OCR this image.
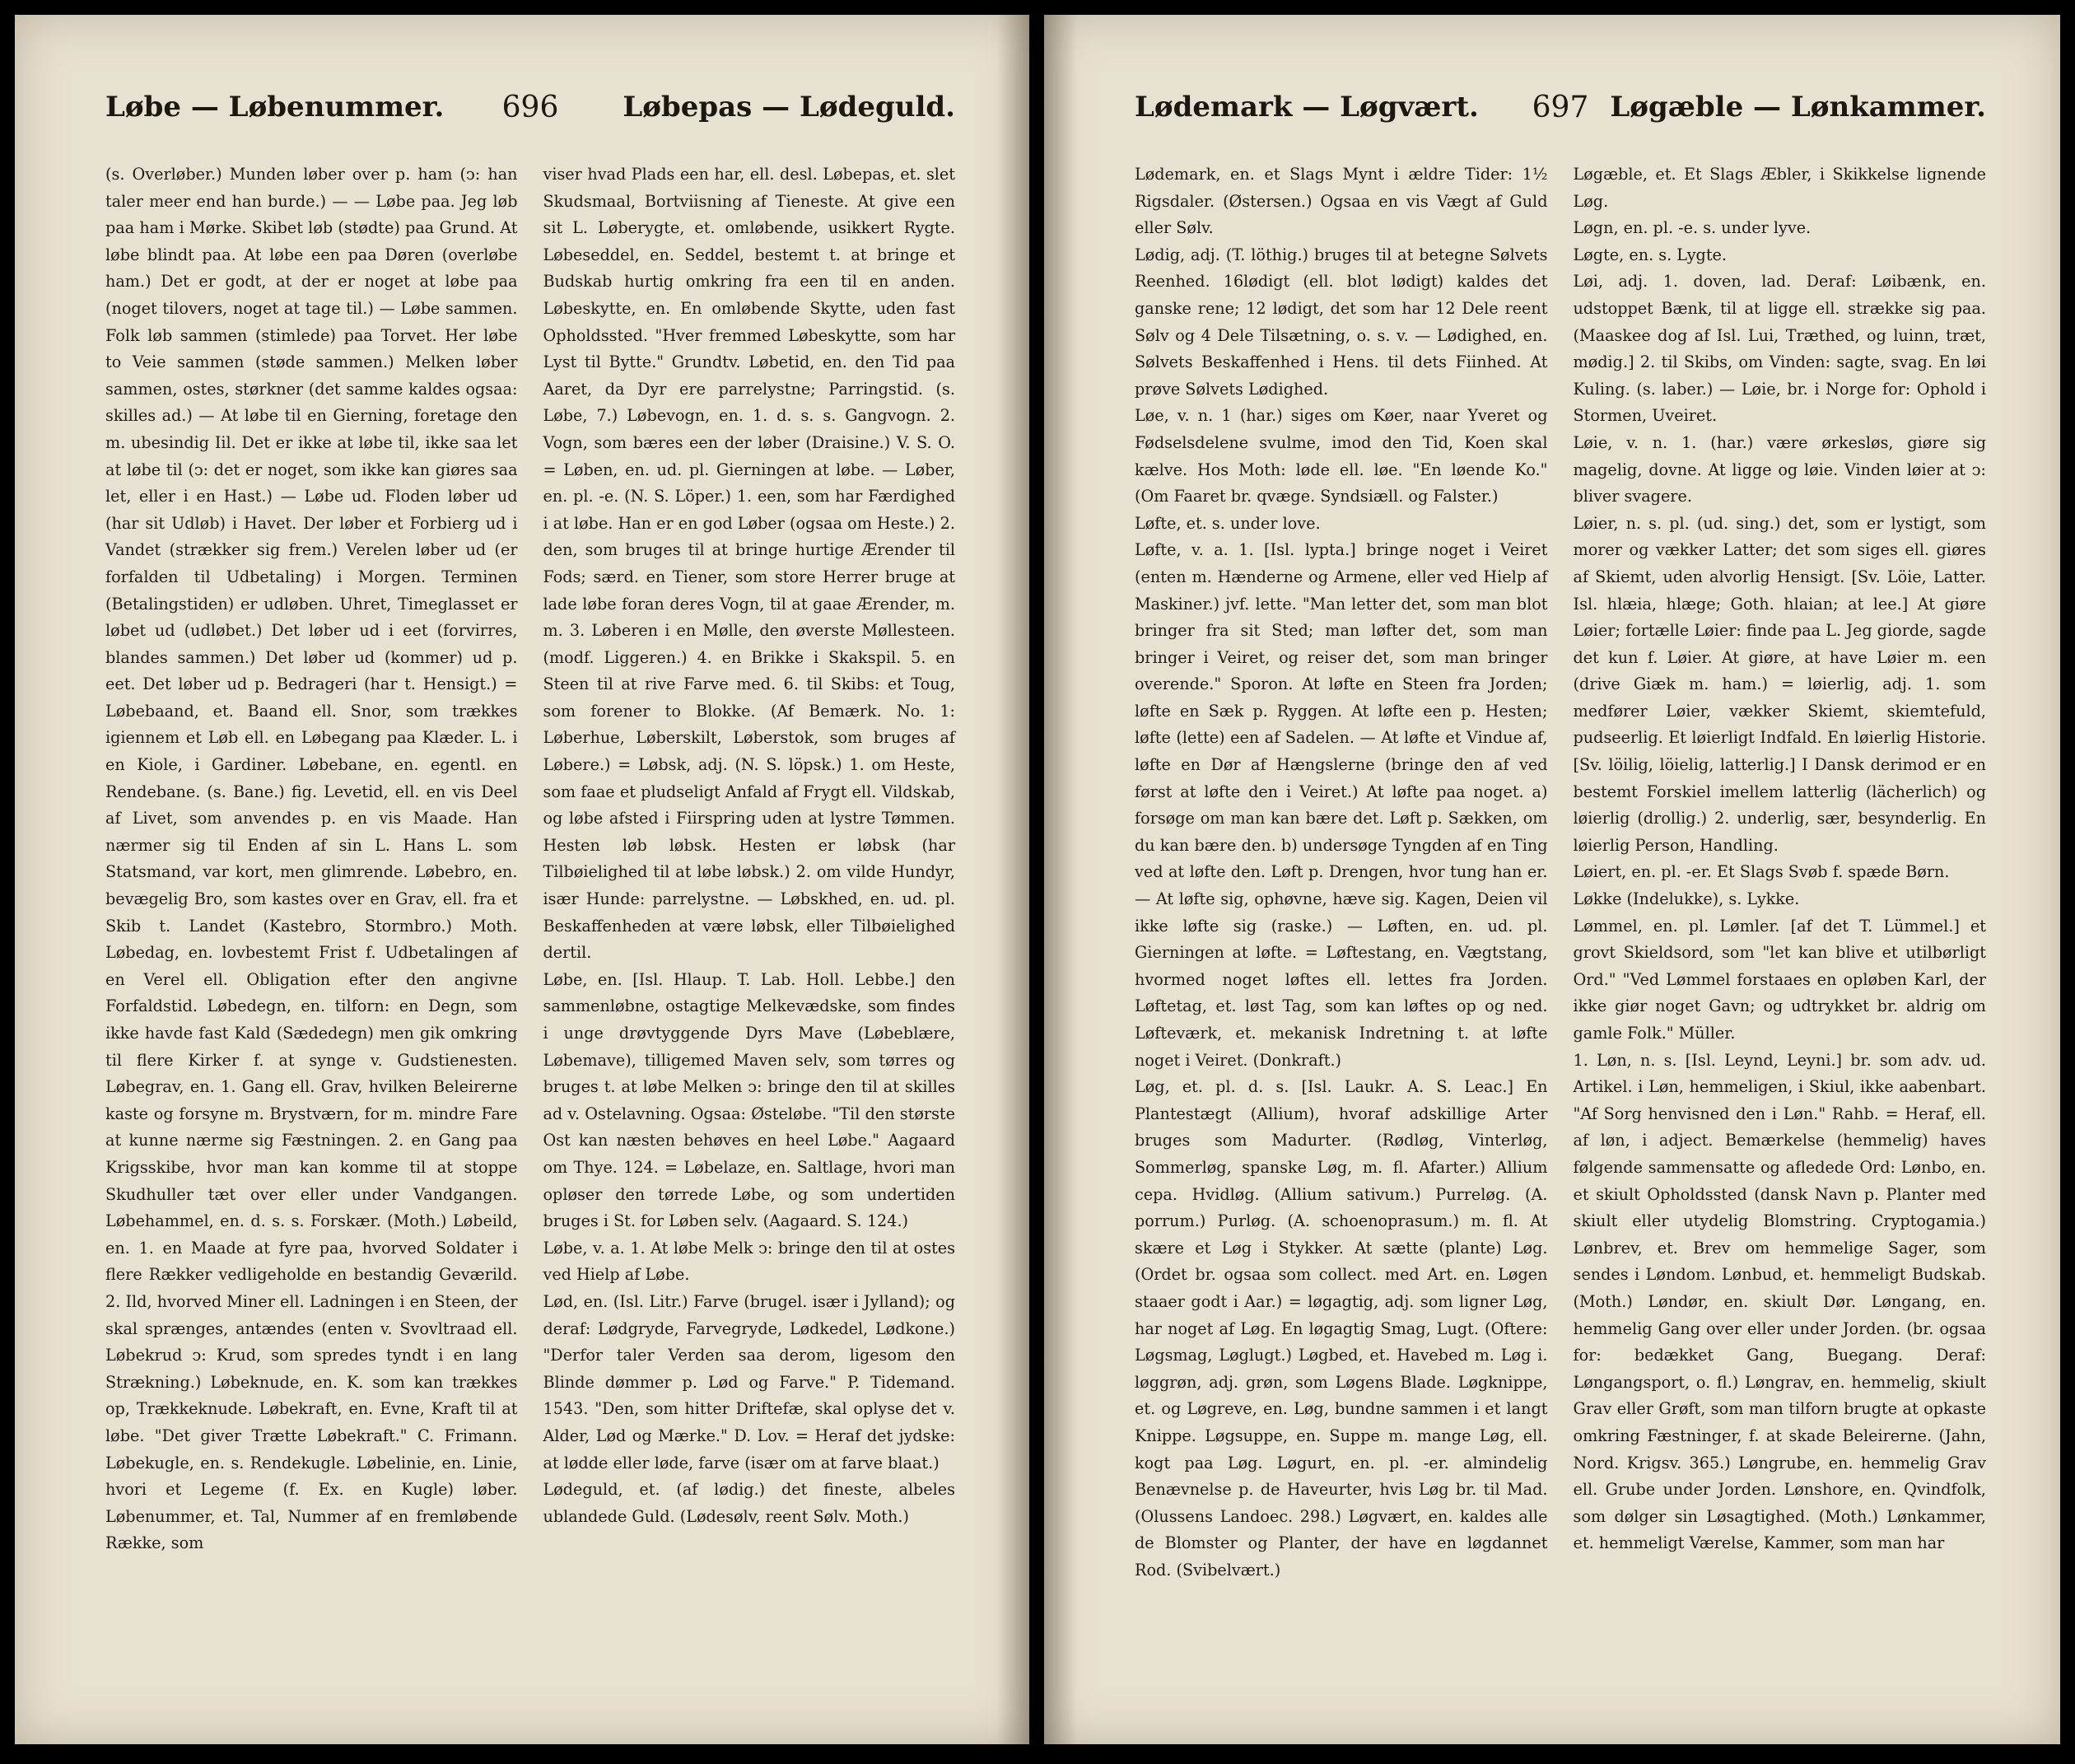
Løbe — Løbenummer.	696	Løbepas — Lødeguld.

(s. Overløber.) Munden løber over p. ham (ↄ: han taler meer end han burde.) — — Løbe paa. Jeg løb paa ham i Mørke. Skibet løb (stødte) paa Grund. At løbe blindt paa. At løbe een paa Døren (overløbe ham.) Det er godt, at der er noget at løbe paa (noget tilovers, noget at tage til.) — Løbe sammen. Folk løb sammen (stimlede) paa Torvet. Her løbe to Veie sammen (støde sammen.) Melken løber sammen, ostes, størkner (det samme kaldes ogsaa: skilles ad.) — At løbe til en Gierning, foretage den m. ubesindig Iil. Det er ikke at løbe til, ikke saa let at løbe til (ↄ: det er noget, som ikke kan giøres saa let, eller i en Hast.) — Løbe ud. Floden løber ud (har sit Udløb) i Havet. Der løber et Forbierg ud i Vandet (strækker sig frem.) Verelen løber ud (er forfalden til Udbetaling) i Morgen. Terminen (Betalingstiden) er udløben. Uhret, Timeglasset er løbet ud (udløbet.) Det løber ud i eet (forvirres, blandes sammen.) Det løber ud (kommer) ud p. eet. Det løber ud p. Bedrageri (har t. Hensigt.) = Løbebaand, et. Baand ell. Snor, som trækkes igiennem et Løb ell. en Løbegang paa Klæder. L. i en Kiole, i Gardiner. Løbebane, en. egentl. en Rendebane. (s. Bane.) fig. Levetid, ell. en vis Deel af Livet, som anvendes p. en vis Maade. Han nærmer sig til Enden af sin L. Hans L. som Statsmand, var kort, men glimrende. Løbebro, en. bevægelig Bro, som kastes over en Grav, ell. fra et Skib t. Landet (Kastebro, Stormbro.) Moth. Løbedag, en. lovbestemt Frist f. Udbetalingen af en Verel ell. Obligation efter den angivne Forfaldstid. Løbedegn, en. tilforn: en Degn, som ikke havde fast Kald (Sædedegn) men gik omkring til flere Kirker f. at synge v. Gudstienesten. Løbegrav, en. 1. Gang ell. Grav, hvilken Beleirerne kaste og forsyne m. Brystværn, for m. mindre Fare at kunne nærme sig Fæstningen. 2. en Gang paa Krigsskibe, hvor man kan komme til at stoppe Skudhuller tæt over eller under Vandgangen. Løbehammel, en. d. s. s. Forskær. (Moth.) Løbeild, en. 1. en Maade at fyre paa, hvorved Soldater i flere Rækker vedligeholde en bestandig Geværild. 2. Ild, hvorved Miner ell. Ladningen i en Steen, der skal sprænges, antændes (enten v. Svovltraad ell. Løbekrud ↄ: Krud, som spredes tyndt i en lang Strækning.) Løbeknude, en. K. som kan trækkes op, Trækkeknude. Løbekraft, en. Evne, Kraft til at løbe. "Det giver Trætte Løbekraft." C. Frimann. Løbekugle, en. s. Rendekugle. Løbelinie, en. Linie, hvori et Legeme (f. Ex. en Kugle) løber. Løbenummer, et. Tal, Nummer af en fremløbende Række, som

viser hvad Plads een har, ell. desl. Løbepas, et. slet Skudsmaal, Bortviisning af Tieneste. At give een sit L. Løberygte, et. omløbende, usikkert Rygte. Løbeseddel, en. Seddel, bestemt t. at bringe et Budskab hurtig omkring fra een til en anden. Løbeskytte, en. En omløbende Skytte, uden fast Opholdssted. "Hver fremmed Løbeskytte, som har Lyst til Bytte." Grundtv. Løbetid, en. den Tid paa Aaret, da Dyr ere parrelystne; Parringstid. (s. Løbe, 7.) Løbevogn, en. 1. d. s. s. Gangvogn. 2. Vogn, som bæres een der løber (Draisine.) V. S. O. = Løben, en. ud. pl. Gierningen at løbe. — Løber, en. pl. -e. (N. S. Löper.) 1. een, som har Færdighed i at løbe. Han er en god Løber (ogsaa om Heste.) 2. den, som bruges til at bringe hurtige Ærender til Fods; særd. en Tiener, som store Herrer bruge at lade løbe foran deres Vogn, til at gaae Ærender, m. m. 3. Løberen i en Mølle, den øverste Møllesteen. (modf. Liggeren.) 4. en Brikke i Skakspil. 5. en Steen til at rive Farve med. 6. til Skibs: et Toug, som forener to Blokke. (Af Bemærk. No. 1: Løberhue, Løberskilt, Løberstok, som bruges af Løbere.) = Løbsk, adj. (N. S. löpsk.) 1. om Heste, som faae et pludseligt Anfald af Frygt ell. Vildskab, og løbe afsted i Fiirspring uden at lystre Tømmen. Hesten løb løbsk. Hesten er løbsk (har Tilbøielighed til at løbe løbsk.) 2. om vilde Hundyr, især Hunde: parrelystne. — Løbskhed, en. ud. pl. Beskaffenheden at være løbsk, eller Tilbøielighed dertil.

Løbe, en. [Isl. Hlaup. T. Lab. Holl. Lebbe.] den sammenløbne, ostagtige Melkevædske, som findes i unge drøvtyggende Dyrs Mave (Løbeblære, Løbemave), tilligemed Maven selv, som tørres og bruges t. at løbe Melken ↄ: bringe den til at skilles ad v. Ostelavning. Ogsaa: Østeløbe. "Til den største Ost kan næsten behøves en heel Løbe." Aagaard om Thye. 124. = Løbelaze, en. Saltlage, hvori man opløser den tørrede Løbe, og som undertiden bruges i St. for Løben selv. (Aagaard. S. 124.)

Løbe, v. a. 1. At løbe Melk ↄ: bringe den til at ostes ved Hielp af Løbe.

Lød, en. (Isl. Litr.) Farve (brugel. især i Jylland); og deraf: Lødgryde, Farvegryde, Lødkedel, Lødkone.) "Derfor taler Verden saa derom, ligesom den Blinde dømmer p. Lød og Farve." P. Tidemand. 1543. "Den, som hitter Driftefæ, skal oplyse det v. Alder, Lød og Mærke." D. Lov. = Heraf det jydske: at lødde eller løde, farve (især om at farve blaat.)

Lødeguld, et. (af lødig.) det fineste, albeles ublandede Guld. (Lødesølv, reent Sølv. Moth.)

Lødemark — Løgvært.	697 Løgæble — Lønkammer.

Lødemark, en. et Slags Mynt i ældre Tider: 1½ Rigsdaler. (Østersen.) Ogsaa en vis Vægt af Guld eller Sølv.

Lødig, adj. (T. löthig.) bruges til at betegne Sølvets Reenhed. 16lødigt (ell. blot lødigt) kaldes det ganske rene; 12 lødigt, det som har 12 Dele reent Sølv og 4 Dele Tilsætning, o. s. v. — Lødighed, en. Sølvets Beskaffenhed i Hens. til dets Fiinhed. At prøve Sølvets Lødighed.

Løe, v. n. 1 (har.) siges om Køer, naar Yveret og Fødselsdelene svulme, imod den Tid, Koen skal kælve. Hos Moth: løde ell. løe. "En løende Ko." (Om Faaret br. qvæge. Syndsiæll. og Falster.)

Løfte, et. s. under love.

Løfte, v. a. 1. [Isl. lypta.] bringe noget i Veiret (enten m. Hænderne og Armene, eller ved Hielp af Maskiner.) jvf. lette. "Man letter det, som man blot bringer fra sit Sted; man løfter det, som man bringer i Veiret, og reiser det, som man bringer overende." Sporon. At løfte en Steen fra Jorden; løfte en Sæk p. Ryggen. At løfte een p. Hesten; løfte (lette) een af Sadelen. — At løfte et Vindue af, løfte en Dør af Hængslerne (bringe den af ved først at løfte den i Veiret.) At løfte paa noget. a) forsøge om man kan bære det. Løft p. Sækken, om du kan bære den. b) undersøge Tyngden af en Ting ved at løfte den. Løft p. Drengen, hvor tung han er. — At løfte sig, ophøvne, hæve sig. Kagen, Deien vil ikke løfte sig (raske.) — Løften, en. ud. pl. Gierningen at løfte. = Løftestang, en. Vægtstang, hvormed noget løftes ell. lettes fra Jorden. Løftetag, et. løst Tag, som kan løftes op og ned. Løfteværk, et. mekanisk Indretning t. at løfte noget i Veiret. (Donkraft.)

Løg, et. pl. d. s. [Isl. Laukr. A. S. Leac.] En Plantestægt (Allium), hvoraf adskillige Arter bruges som Madurter. (Rødløg, Vinterløg, Sommerløg, spanske Løg, m. fl. Afarter.) Allium cepa. Hvidløg. (Allium sativum.) Purreløg. (A. porrum.) Purløg. (A. schoenoprasum.) m. fl. At skære et Løg i Stykker. At sætte (plante) Løg. (Ordet br. ogsaa som collect. med Art. en. Løgen staaer godt i Aar.) = løgagtig, adj. som ligner Løg, har noget af Løg. En løgagtig Smag, Lugt. (Oftere: Løgsmag, Løglugt.) Løgbed, et. Havebed m. Løg i. løggrøn, adj. grøn, som Løgens Blade. Løgknippe, et. og Løgreve, en. Løg, bundne sammen i et langt Knippe. Løgsuppe, en. Suppe m. mange Løg, ell. kogt paa Løg. Løgurt, en. pl. -er. almindelig Benævnelse p. de Haveurter, hvis Løg br. til Mad. (Olussens Landoec. 298.) Løgvært, en. kaldes alle de Blomster og Planter, der have en løgdannet Rod. (Svibelvært.)

Løgæble, et. Et Slags Æbler, i Skikkelse lignende Løg.

Løgn, en. pl. -e. s. under lyve.

Løgte, en. s. Lygte.

Løi, adj. 1. doven, lad. Deraf: Løibænk, en. udstoppet Bænk, til at ligge ell. strække sig paa. (Maaskee dog af Isl. Lui, Træthed, og luinn, træt, mødig.] 2. til Skibs, om Vinden: sagte, svag. En løi Kuling. (s. laber.) — Løie, br. i Norge for: Ophold i Stormen, Uveiret.

Løie, v. n. 1. (har.) være ørkesløs, giøre sig magelig, dovne. At ligge og løie. Vinden løier at ↄ: bliver svagere.

Løier, n. s. pl. (ud. sing.) det, som er lystigt, som morer og vækker Latter; det som siges ell. giøres af Skiemt, uden alvorlig Hensigt. [Sv. Löie, Latter. Isl. hlæia, hlæge; Goth. hlaian; at lee.] At giøre Løier; fortælle Løier: finde paa L. Jeg giorde, sagde det kun f. Løier. At giøre, at have Løier m. een (drive Giæk m. ham.) = løierlig, adj. 1. som medfører Løier, vækker Skiemt, skiemtefuld, pudseerlig. Et løierligt Indfald. En løierlig Historie. [Sv. löilig, löielig, latterlig.] I Dansk derimod er en bestemt Forskiel imellem latterlig (lächerlich) og løierlig (drollig.) 2. underlig, sær, besynderlig. En løierlig Person, Handling.

Løiert, en. pl. -er. Et Slags Svøb f. spæde Børn.

Løkke (Indelukke), s. Lykke.

Lømmel, en. pl. Lømler. [af det T. Lümmel.] et grovt Skieldsord, som "let kan blive et utilbørligt Ord." "Ved Lømmel forstaaes en opløben Karl, der ikke giør noget Gavn; og udtrykket br. aldrig om gamle Folk." Müller.

1. Løn, n. s. [Isl. Leynd, Leyni.] br. som adv. ud. Artikel. i Løn, hemmeligen, i Skiul, ikke aabenbart. "Af Sorg henvisned den i Løn." Rahb. = Heraf, ell. af løn, i adject. Bemærkelse (hemmelig) haves følgende sammensatte og afledede Ord: Lønbo, en. et skiult Opholdssted (dansk Navn p. Planter med skiult eller utydelig Blomstring. Cryptogamia.) Lønbrev, et. Brev om hemmelige Sager, som sendes i Løndom. Lønbud, et. hemmeligt Budskab. (Moth.) Løndør, en. skiult Dør. Løngang, en. hemmelig Gang over eller under Jorden. (br. ogsaa for: bedækket Gang, Buegang. Deraf: Løngangsport, o. fl.) Løngrav, en. hemmelig, skiult Grav eller Grøft, som man tilforn brugte at opkaste omkring Fæstninger, f. at skade Beleirerne. (Jahn, Nord. Krigsv. 365.) Løngrube, en. hemmelig Grav ell. Grube under Jorden. Lønshore, en. Qvindfolk, som dølger sin Løsagtighed. (Moth.) Lønkammer, et. hemmeligt Værelse, Kammer, som man har
